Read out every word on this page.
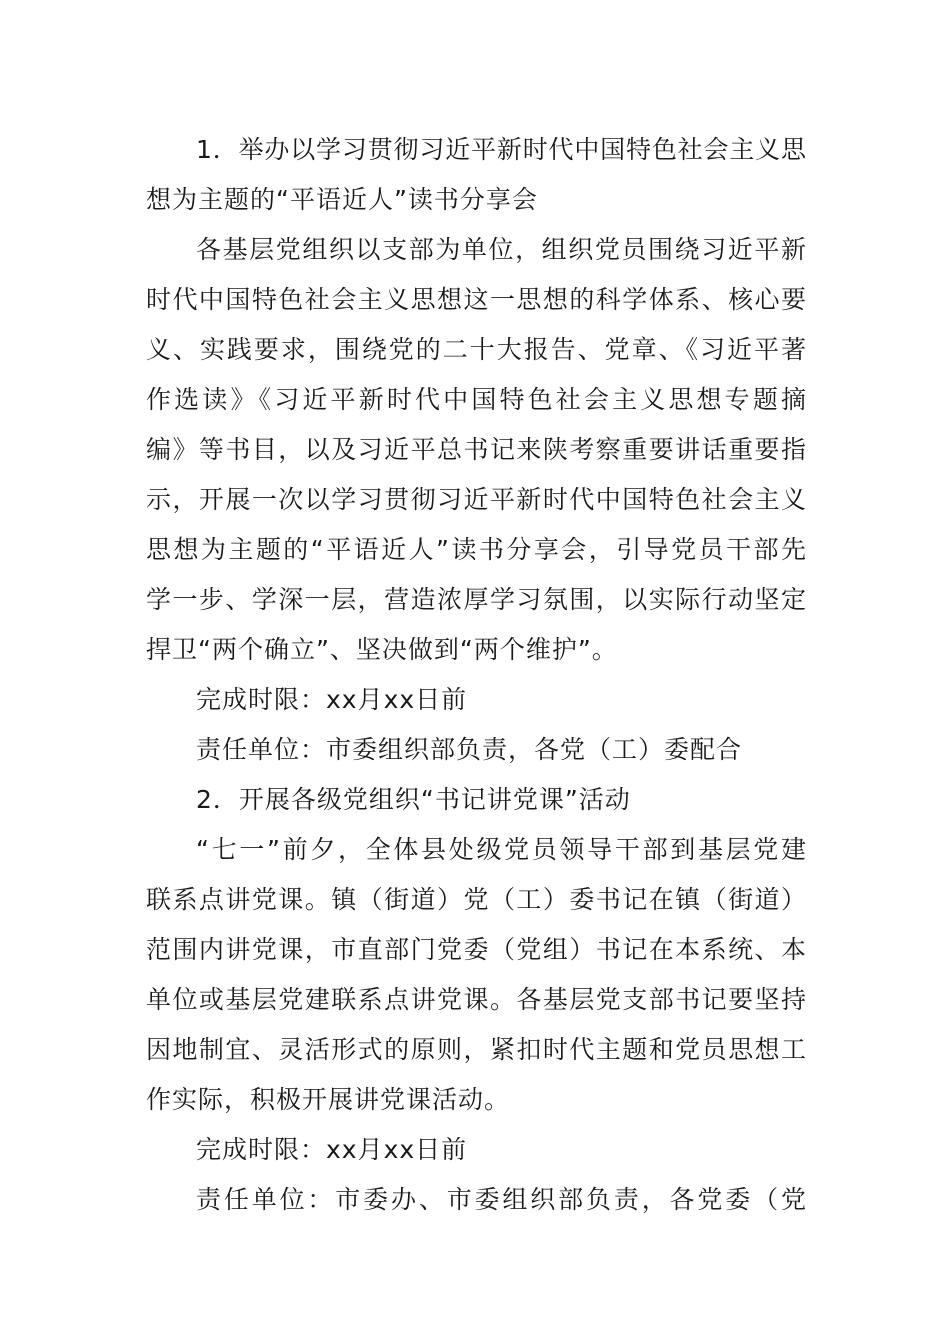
1．举办以学习贯彻习近平新时代中国特色社会主义思
想为主题的“平语近人”读书分享会
各基层党组织以支部为单位，组织党员围绕习近平新
时代中国特色社会主义思想这一思想的科学体系、核心要
义、实践要求，围绕党的二十大报告、党章、《习近平著
作选读》《习近平新时代中国特色社会主义思想专题摘
编》等书目，以及习近平总书记来陕考察重要讲话重要指
示，开展一次以学习贯彻习近平新时代中国特色社会主义
思想为主题的“平语近人”读书分享会，引导党员干部先
学一步、学深一层，营造浓厚学习氛围，以实际行动坚定
捍卫“两个确立”、坚决做到“两个维护”。
完成时限：xx月xx日前
责任单位：市委组织部负责，各党（工）委配合
2．开展各级党组织“书记讲党课”活动
“七一”前夕，全体县处级党员领导干部到基层党建
联系点讲党课。镇（街道）党（工）委书记在镇（街道）
范围内讲党课，市直部门党委（党组）书记在本系统、本
单位或基层党建联系点讲党课。各基层党支部书记要坚持
因地制宜、灵活形式的原则，紧扣时代主题和党员思想工
作实际，积极开展讲党课活动。
完成时限：xx月xx日前
责任单位：市委办、市委组织部负责，各党委（党
